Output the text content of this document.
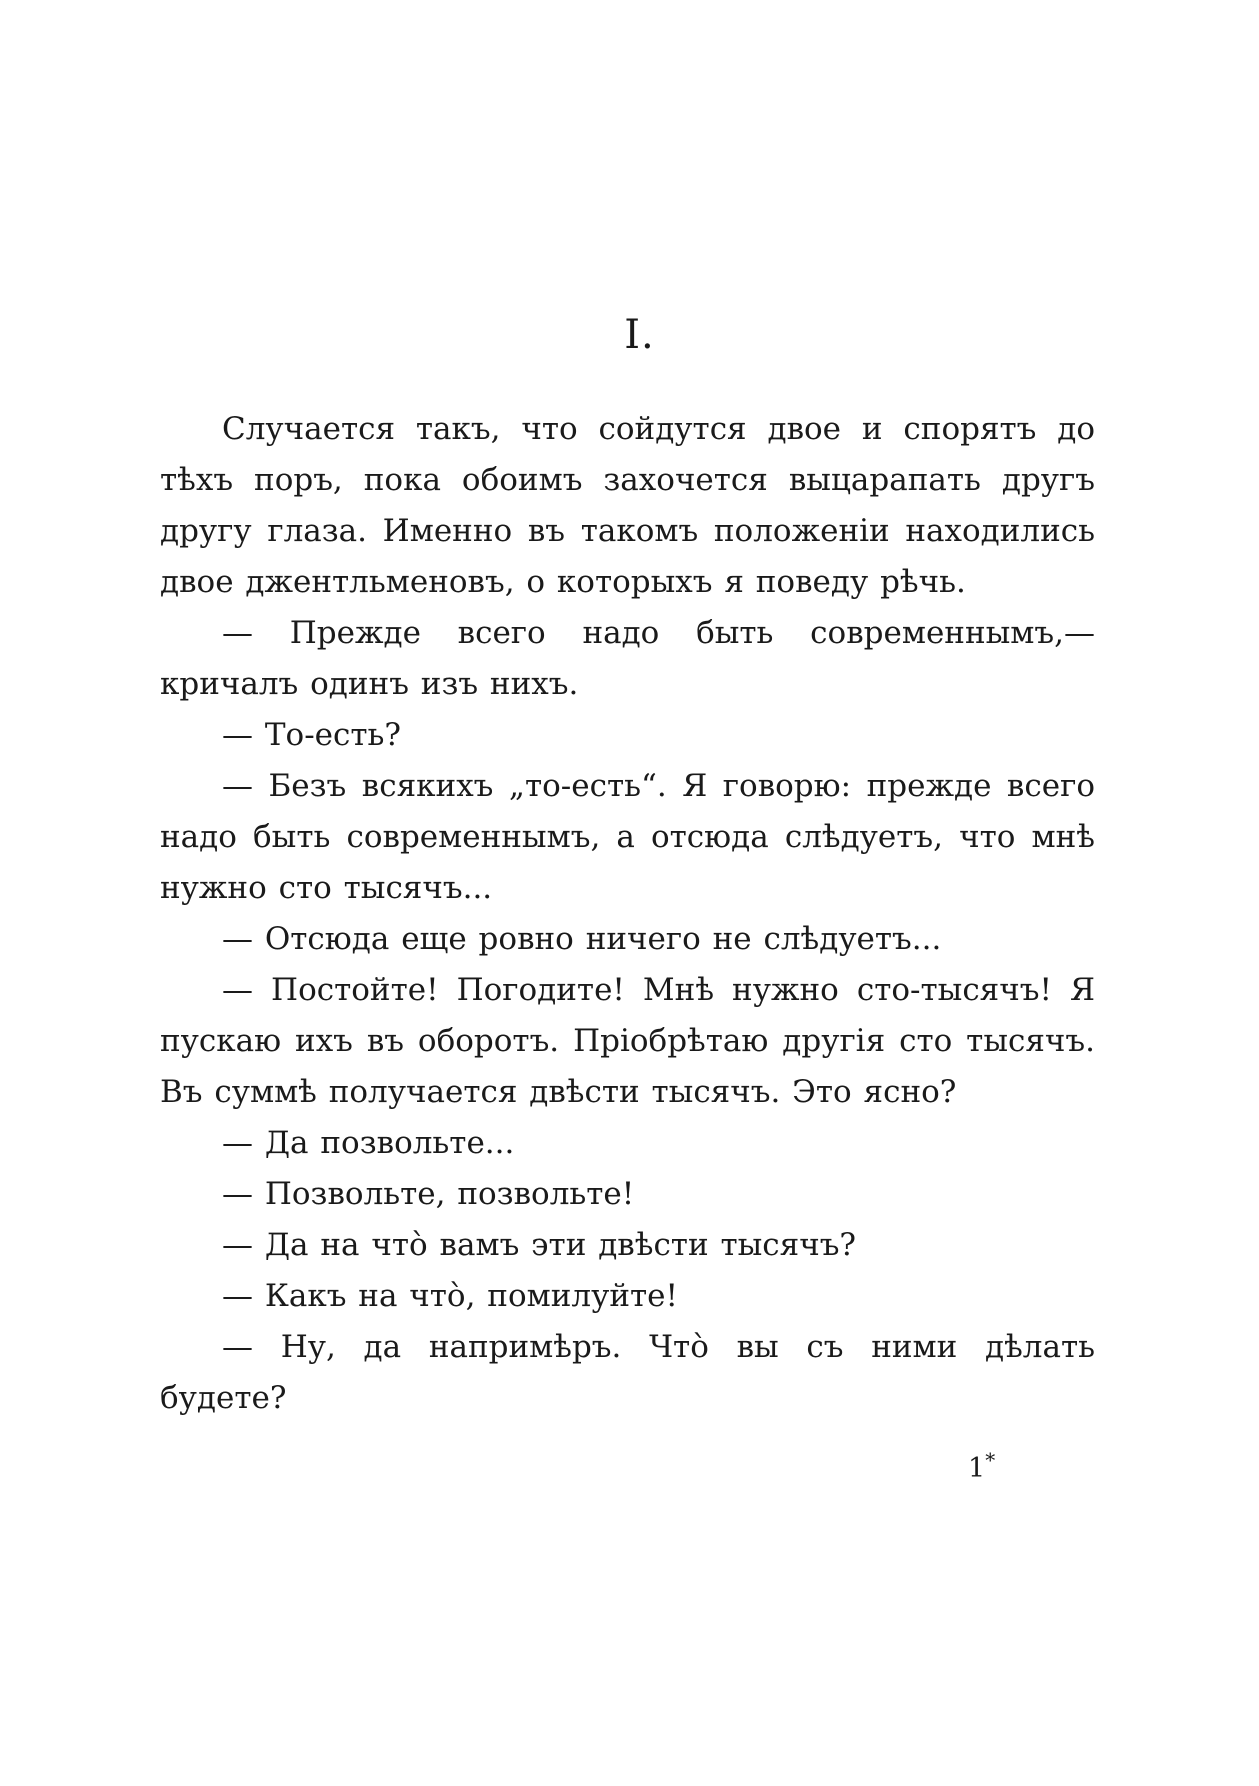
I.

Случается такъ, что сойдутся двое и спорятъ до тѣхъ поръ, пока обоимъ захочется выцарапать другъ другу глаза. Именно въ такомъ положеніи находились двое джентльменовъ, о которыхъ я поведу рѣчь.

— Прежде всего надо быть современнымъ,—кричалъ одинъ изъ нихъ.

— То-есть?

— Безъ всякихъ „то-есть“. Я говорю: прежде всего надо быть современнымъ, а отсюда слѣдуетъ, что мнѣ нужно сто тысячъ...

— Отсюда еще ровно ничего не слѣдуетъ...

— Постойте! Погодите! Мнѣ нужно сто-тысячъ! Я пускаю ихъ въ оборотъ. Пріобрѣтаю другія сто тысячъ. Въ суммѣ получается двѣсти тысячъ. Это ясно?

— Да позвольте...

— Позвольте, позвольте!

— Да на что̀ вамъ эти двѣсти тысячъ?

— Какъ на что̀, помилуйте!

— Ну, да напримѣръ. Что̀ вы съ ними дѣлать будете?

1*
